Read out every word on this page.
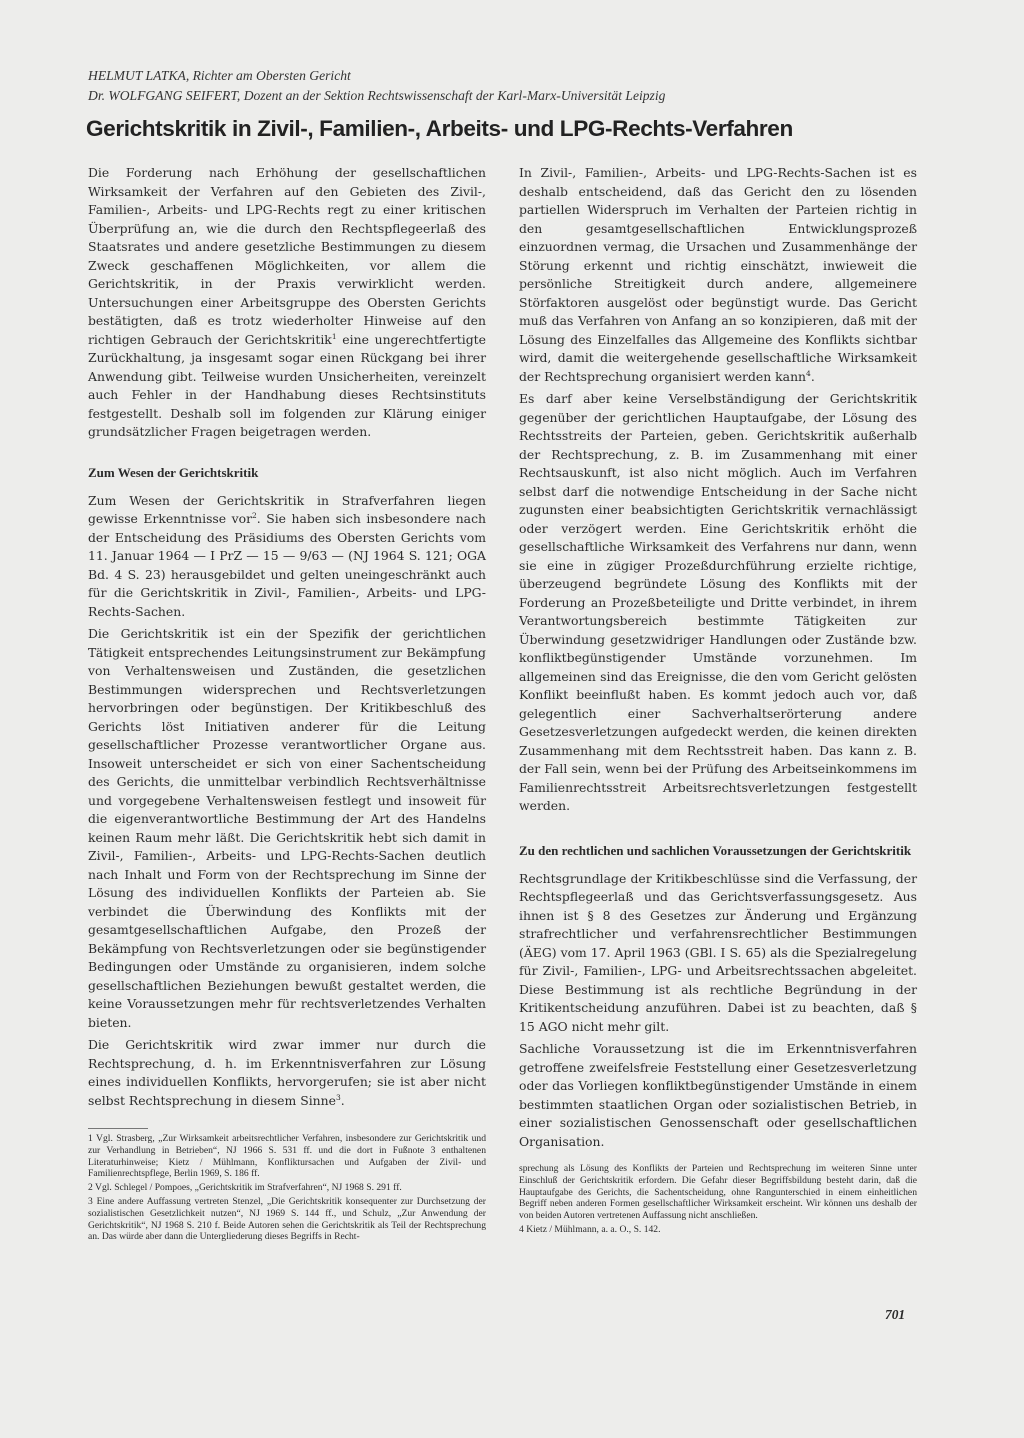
HELMUT LATKA, Richter am Obersten Gericht
Dr. WOLFGANG SEIFERT, Dozent an der Sektion Rechtswissenschaft der Karl-Marx-Universität Leipzig
Gerichtskritik in Zivil-, Familien-, Arbeits- und LPG-Rechts-Verfahren

Die Forderung nach Erhöhung der gesellschaftlichen Wirksamkeit der Verfahren auf den Gebieten des Zivil-, Familien-, Arbeits- und LPG-Rechts regt zu einer kritischen Überprüfung an, wie die durch den Rechtspflegeerlaß des Staatsrates und andere gesetzliche Bestimmungen zu diesem Zweck geschaffenen Möglichkeiten, vor allem die Gerichtskritik, in der Praxis verwirklicht werden. Untersuchungen einer Arbeitsgruppe des Obersten Gerichts bestätigten, daß es trotz wiederholter Hinweise auf den richtigen Gebrauch der Gerichtskritik$^1$ eine ungerechtfertigte Zurückhaltung, ja insgesamt sogar einen Rückgang bei ihrer Anwendung gibt. Teilweise wurden Unsicherheiten, vereinzelt auch Fehler in der Handhabung dieses Rechtsinstituts festgestellt. Deshalb soll im folgenden zur Klärung einiger grundsätzlicher Fragen beigetragen werden.

Zum Wesen der Gerichtskritik

Zum Wesen der Gerichtskritik in Strafverfahren liegen gewisse Erkenntnisse vor$^2$. Sie haben sich insbesondere nach der Entscheidung des Präsidiums des Obersten Gerichts vom 11. Januar 1964 — I PrZ — 15 — 9/63 — (NJ 1964 S. 121; OGA Bd. 4 S. 23) herausgebildet und gelten uneingeschränkt auch für die Gerichtskritik in Zivil-, Familien-, Arbeits- und LPG-Rechts-Sachen.

Die Gerichtskritik ist ein der Spezifik der gerichtlichen Tätigkeit entsprechendes Leitungsinstrument zur Bekämpfung von Verhaltensweisen und Zuständen, die gesetzlichen Bestimmungen widersprechen und Rechtsverletzungen hervorbringen oder begünstigen. Der Kritikbeschluß des Gerichts löst Initiativen anderer für die Leitung gesellschaftlicher Prozesse verantwortlicher Organe aus. Insoweit unterscheidet er sich von einer Sachentscheidung des Gerichts, die unmittelbar verbindlich Rechtsverhältnisse und vorgegebene Verhaltensweisen festlegt und insoweit für die eigenverantwortliche Bestimmung der Art des Handelns keinen Raum mehr läßt. Die Gerichtskritik hebt sich damit in Zivil-, Familien-, Arbeits- und LPG-Rechts-Sachen deutlich nach Inhalt und Form von der Rechtsprechung im Sinne der Lösung des individuellen Konflikts der Parteien ab. Sie verbindet die Überwindung des Konflikts mit der gesamtgesellschaftlichen Aufgabe, den Prozeß der Bekämpfung von Rechtsverletzungen oder sie begünstigender Bedingungen oder Umstände zu organisieren, indem solche gesellschaftlichen Beziehungen bewußt gestaltet werden, die keine Voraussetzungen mehr für rechtsverletzendes Verhalten bieten.

Die Gerichtskritik wird zwar immer nur durch die Rechtsprechung, d. h. im Erkenntnisverfahren zur Lösung eines individuellen Konflikts, hervorgerufen; sie ist aber nicht selbst Rechtsprechung in diesem Sinne$^3$.

1 Vgl. Strasberg, „Zur Wirksamkeit arbeitsrechtlicher Verfahren, insbesondere zur Gerichtskritik und zur Verhandlung in Betrieben“, NJ 1966 S. 531 ff. und die dort in Fußnote 3 enthaltenen Literaturhinweise; Kietz / Mühlmann, Konfliktursachen und Aufgaben der Zivil- und Familienrechtspflege, Berlin 1969, S. 186 ff.

2 Vgl. Schlegel / Pompoes, „Gerichtskritik im Strafverfahren“, NJ 1968 S. 291 ff.

3 Eine andere Auffassung vertreten Stenzel, „Die Gerichtskritik konsequenter zur Durchsetzung der sozialistischen Gesetzlichkeit nutzen“, NJ 1969 S. 144 ff., und Schulz, „Zur Anwendung der Gerichtskritik“, NJ 1968 S. 210 f. Beide Autoren sehen die Gerichtskritik als Teil der Rechtsprechung an. Das würde aber dann die Untergliederung dieses Begriffs in Recht-

In Zivil-, Familien-, Arbeits- und LPG-Rechts-Sachen ist es deshalb entscheidend, daß das Gericht den zu lösenden partiellen Widerspruch im Verhalten der Parteien richtig in den gesamtgesellschaftlichen Entwicklungsprozeß einzuordnen vermag, die Ursachen und Zusammenhänge der Störung erkennt und richtig einschätzt, inwieweit die persönliche Streitigkeit durch andere, allgemeinere Störfaktoren ausgelöst oder begünstigt wurde. Das Gericht muß das Verfahren von Anfang an so konzipieren, daß mit der Lösung des Einzelfalles das Allgemeine des Konflikts sichtbar wird, damit die weitergehende gesellschaftliche Wirksamkeit der Rechtsprechung organisiert werden kann$^4$.

Es darf aber keine Verselbständigung der Gerichtskritik gegenüber der gerichtlichen Hauptaufgabe, der Lösung des Rechtsstreits der Parteien, geben. Gerichtskritik außerhalb der Rechtsprechung, z. B. im Zusammenhang mit einer Rechtsauskunft, ist also nicht möglich. Auch im Verfahren selbst darf die notwendige Entscheidung in der Sache nicht zugunsten einer beabsichtigten Gerichtskritik vernachlässigt oder verzögert werden. Eine Gerichtskritik erhöht die gesellschaftliche Wirksamkeit des Verfahrens nur dann, wenn sie eine in zügiger Prozeßdurchführung erzielte richtige, überzeugend begründete Lösung des Konflikts mit der Forderung an Prozeßbeteiligte und Dritte verbindet, in ihrem Verantwortungsbereich bestimmte Tätigkeiten zur Überwindung gesetzwidriger Handlungen oder Zustände bzw. konfliktbegünstigender Umstände vorzunehmen. Im allgemeinen sind das Ereignisse, die den vom Gericht gelösten Konflikt beeinflußt haben. Es kommt jedoch auch vor, daß gelegentlich einer Sachverhaltserörterung andere Gesetzesverletzungen aufgedeckt werden, die keinen direkten Zusammenhang mit dem Rechtsstreit haben. Das kann z. B. der Fall sein, wenn bei der Prüfung des Arbeitseinkommens im Familienrechtsstreit Arbeitsrechtsverletzungen festgestellt werden.

Zu den rechtlichen und sachlichen Voraussetzungen der Gerichtskritik

Rechtsgrundlage der Kritikbeschlüsse sind die Verfassung, der Rechtspflegeerlaß und das Gerichtsverfassungsgesetz. Aus ihnen ist § 8 des Gesetzes zur Änderung und Ergänzung strafrechtlicher und verfahrensrechtlicher Bestimmungen (ÄEG) vom 17. April 1963 (GBl. I S. 65) als die Spezialregelung für Zivil-, Familien-, LPG- und Arbeitsrechtssachen abgeleitet. Diese Bestimmung ist als rechtliche Begründung in der Kritikentscheidung anzuführen. Dabei ist zu beachten, daß § 15 AGO nicht mehr gilt.

Sachliche Voraussetzung ist die im Erkenntnisverfahren getroffene zweifelsfreie Feststellung einer Gesetzesverletzung oder das Vorliegen konfliktbegünstigender Umstände in einem bestimmten staatlichen Organ oder sozialistischen Betrieb, in einer sozialistischen Genossenschaft oder gesellschaftlichen Organisation.

sprechung als Lösung des Konflikts der Parteien und Rechtsprechung im weiteren Sinne unter Einschluß der Gerichtskritik erfordern. Die Gefahr dieser Begriffsbildung besteht darin, daß die Hauptaufgabe des Gerichts, die Sachentscheidung, ohne Rangunterschied in einem einheitlichen Begriff neben anderen Formen gesellschaftlicher Wirksamkeit erscheint. Wir können uns deshalb der von beiden Autoren vertretenen Auffassung nicht anschließen.

4 Kietz / Mühlmann, a. a. O., S. 142.

701
